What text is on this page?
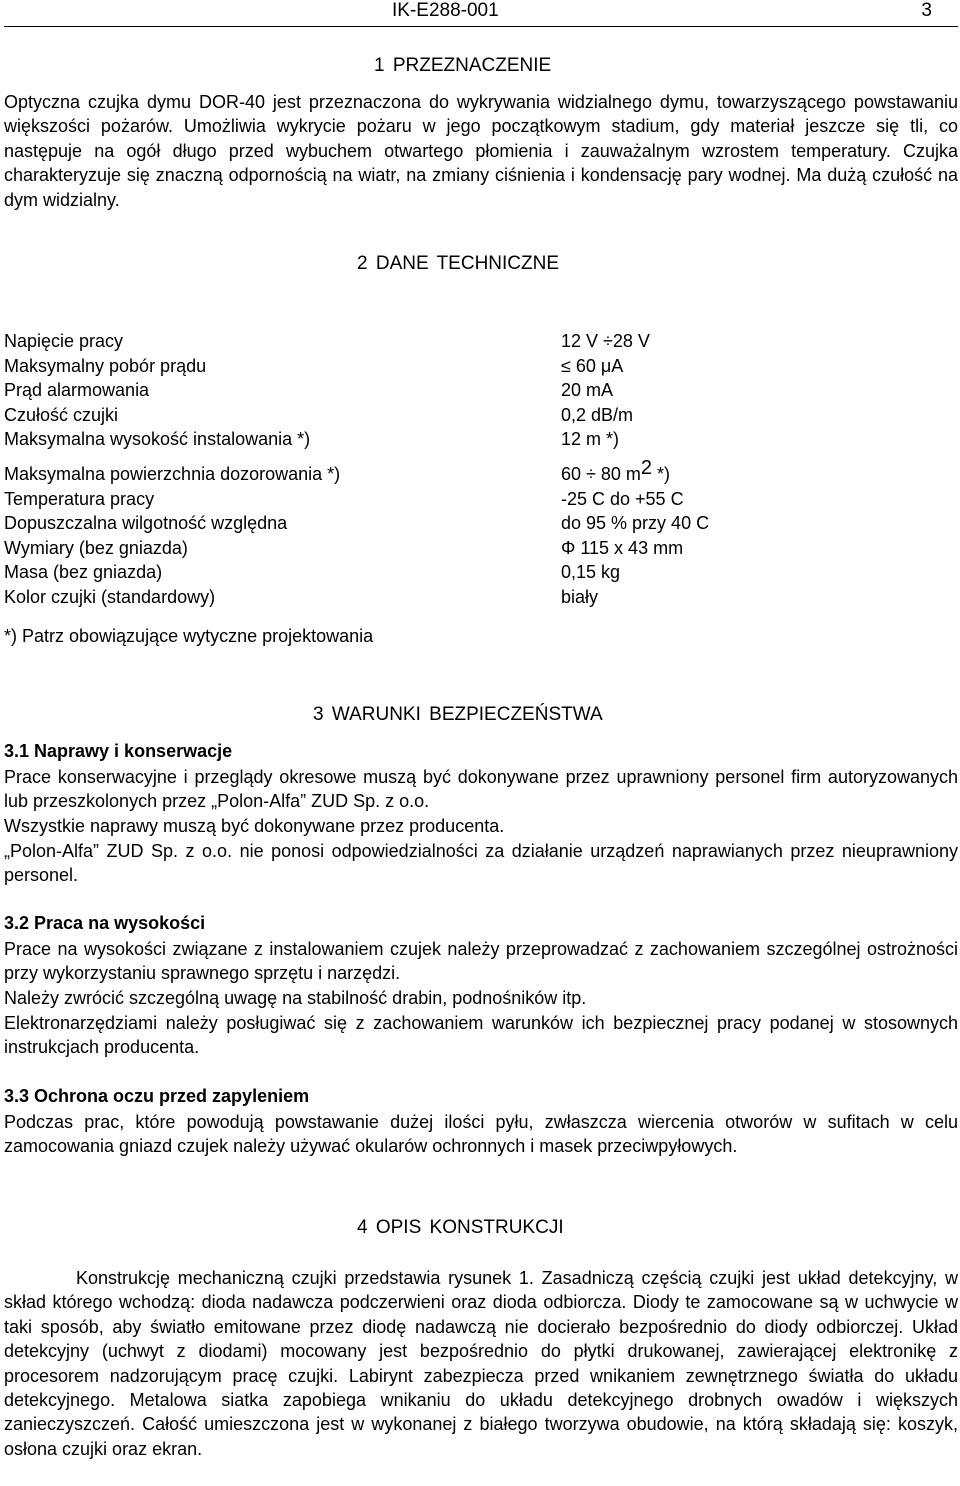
IK-E288-001	3
1 PRZEZNACZENIE
Optyczna czujka dymu DOR-40 jest przeznaczona do wykrywania widzialnego dymu, towarzyszącego powstawaniu większości pożarów. Umożliwia wykrycie pożaru w jego początkowym stadium, gdy materiał jeszcze się tli, co następuje na ogół długo przed wybuchem otwartego płomienia i zauważalnym wzrostem temperatury. Czujka charakteryzuje się znaczną odpornością na wiatr, na zmiany ciśnienia i kondensację pary wodnej. Ma dużą czułość na dym widzialny.
2 DANE TECHNICZNE
Napięcie pracy	12 V ÷28 V
Maksymalny pobór prądu	≤ 60 μA
Prąd alarmowania	20 mA
Czułość czujki	0,2 dB/m
Maksymalna wysokość instalowania *)	12 m *)
Maksymalna powierzchnia dozorowania *)	60 ÷ 80 $m^2$ *)
Temperatura pracy	-25 C do +55 C
Dopuszczalna wilgotność względna	do 95 % przy 40 C
Wymiary (bez gniazda)	Φ 115 x 43 mm
Masa (bez gniazda)	0,15 kg
Kolor czujki (standardowy)	biały
*) Patrz obowiązujące wytyczne projektowania
3 WARUNKI BEZPIECZEŃSTWA
3.1 Naprawy i konserwacje
Prace konserwacyjne i przeglądy okresowe muszą być dokonywane przez uprawniony personel firm autoryzowanych lub przeszkolonych przez „Polon-Alfa” ZUD Sp. z o.o.
Wszystkie naprawy muszą być dokonywane przez producenta.
„Polon-Alfa” ZUD Sp. z o.o. nie ponosi odpowiedzialności za działanie urządzeń naprawianych przez nieuprawniony personel.
3.2 Praca na wysokości
Prace na wysokości związane z instalowaniem czujek należy przeprowadzać z zachowaniem szczególnej ostrożności przy wykorzystaniu sprawnego sprzętu i narzędzi.
Należy zwrócić szczególną uwagę na stabilność drabin, podnośników itp.
Elektronarzędziami należy posługiwać się z zachowaniem warunków ich bezpiecznej pracy podanej w stosownych instrukcjach producenta.
3.3 Ochrona oczu przed zapyleniem
Podczas prac, które powodują powstawanie dużej ilości pyłu, zwłaszcza wiercenia otworów w sufitach w celu zamocowania gniazd czujek należy używać okularów ochronnych i masek przeciwpyłowych.
4 OPIS KONSTRUKCJI
Konstrukcję mechaniczną czujki przedstawia rysunek 1. Zasadniczą częścią czujki jest układ detekcyjny, w skład którego wchodzą: dioda nadawcza podczerwieni oraz dioda odbiorcza. Diody te zamocowane są w uchwycie w taki sposób, aby światło emitowane przez diodę nadawczą nie docierało bezpośrednio do diody odbiorczej. Układ detekcyjny (uchwyt z diodami) mocowany jest bezpośrednio do płytki drukowanej, zawierającej elektronikę z procesorem nadzorującym pracę czujki. Labirynt zabezpiecza przed wnikaniem zewnętrznego światła do układu detekcyjnego. Metalowa siatka zapobiega wnikaniu do układu detekcyjnego drobnych owadów i większych zanieczyszczeń. Całość umieszczona jest w wykonanej z białego tworzywa obudowie, na którą składają się: koszyk, osłona czujki oraz ekran.
